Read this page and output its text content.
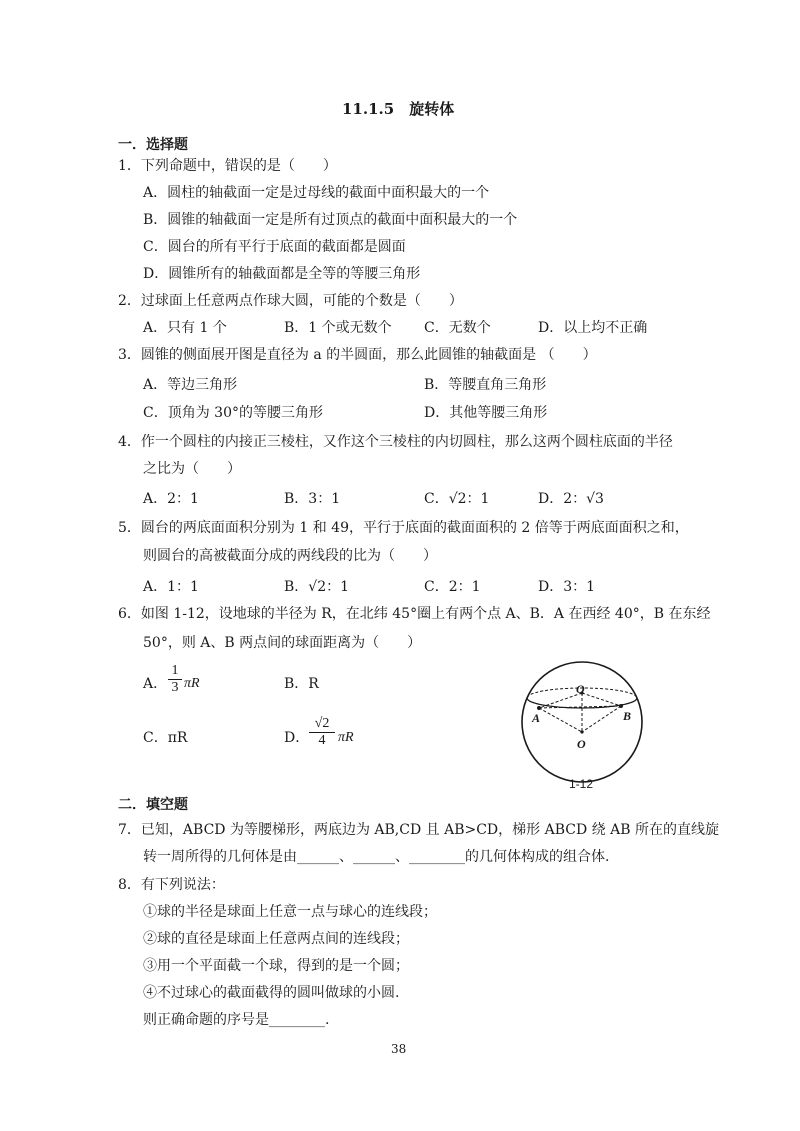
11.1.5　旋转体
一．选择题
1．下列命题中，错误的是（　　）
A．圆柱的轴截面一定是过母线的截面中面积最大的一个
B．圆锥的轴截面一定是所有过顶点的截面中面积最大的一个
C．圆台的所有平行于底面的截面都是圆面
D．圆锥所有的轴截面都是全等的等腰三角形
2．过球面上任意两点作球大圆，可能的个数是（　　）
A．只有 1 个	B．1 个或无数个 C．无数个	D．以上均不正确
3．圆锥的侧面展开图是直径为 a 的半圆面，那么此圆锥的轴截面是 （　　）
A．等边三角形	B．等腰直角三角形
C．顶角为 30°的等腰三角形	D．其他等腰三角形
4．作一个圆柱的内接正三棱柱，又作这个三棱柱的内切圆柱，那么这两个圆柱底面的半径
之比为（　　）
A．2：1	B．3：1	C．√2：1	D．2：√3
5．圆台的两底面面积分别为 1 和 49，平行于底面的截面面积的 2 倍等于两底面面积之和，
则圆台的高被截面分成的两线段的比为（　　）
A．1：1	B．√2：1	C．2：1	D．3：1
6．如图 1-12，设地球的半径为 R，在北纬 45°圈上有两个点 A、B．A 在西经 40°，B 在东经
50°，则 A、B 两点间的球面距离为（　　）
A． $\frac{1}{3}$ πR	B．R
C．πR	D． $\frac{√2}{4}$ πR
A	B
O
O
1-12
二．填空题
7．已知，ABCD 为等腰梯形，两底边为 AB,CD 且 AB>CD，梯形 ABCD 绕 AB 所在的直线旋
转一周所得的几何体是由______、______、________的几何体构成的组合体.
8．有下列说法：
①球的半径是球面上任意一点与球心的连线段；
②球的直径是球面上任意两点间的连线段；
③用一个平面截一个球，得到的是一个圆；
④不过球心的截面截得的圆叫做球的小圆.
则正确命题的序号是________.
38
